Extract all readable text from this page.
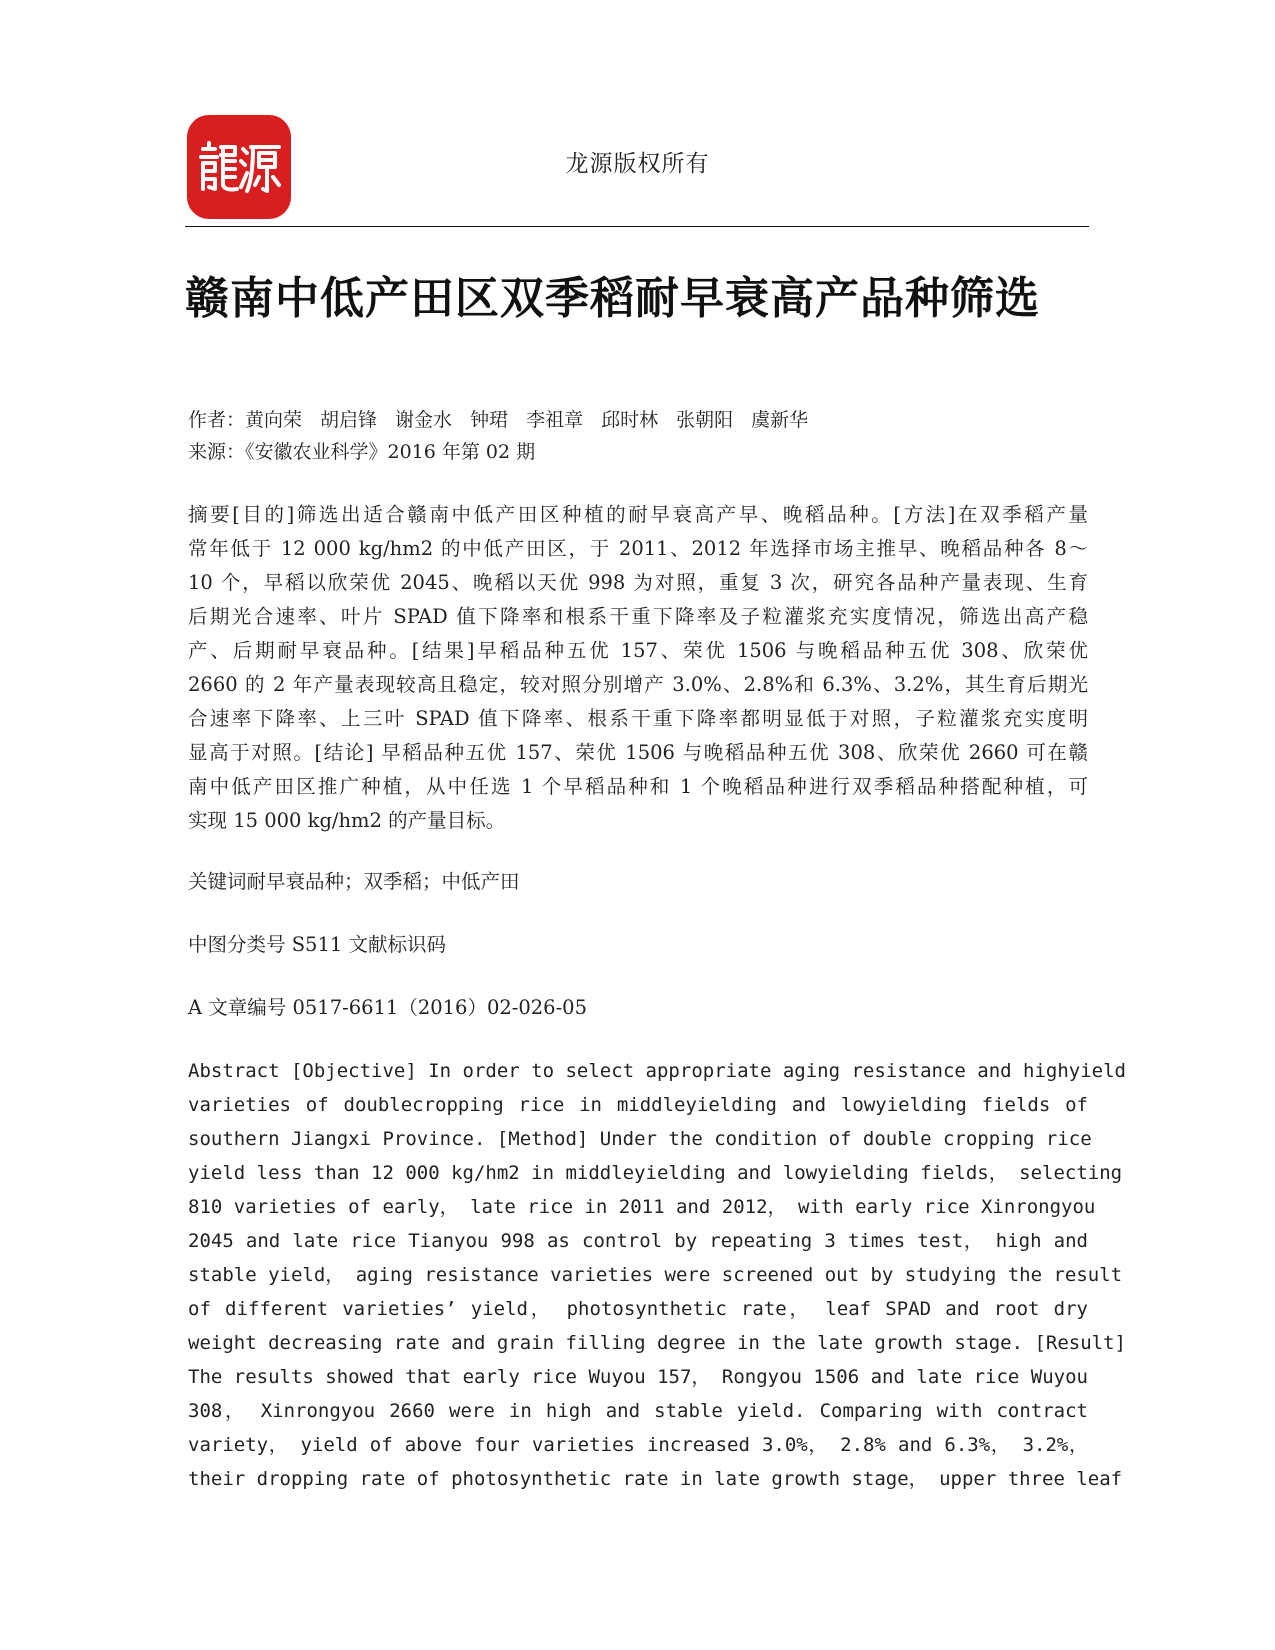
龙源版权所有
赣南中低产田区双季稻耐早衰高产品种筛选
作者：黄向荣 胡启锋 谢金水 钟珺 李祖章 邱时林 张朝阳 虞新华
来源：《安徽农业科学》2016 年第 02 期
摘要[目的]筛选出适合赣南中低产田区种植的耐早衰高产早、晚稻品种。[方法]在双季稻产量
常年低于 12 000 kg/hm2 的中低产田区，于 2011、2012 年选择市场主推早、晚稻品种各 8～
10 个，早稻以欣荣优 2045、晚稻以天优 998 为对照，重复 3 次，研究各品种产量表现、生育
后期光合速率、叶片 SPAD 值下降率和根系干重下降率及子粒灌浆充实度情况，筛选出高产稳
产、后期耐早衰品种。[结果]早稻品种五优 157、荣优 1506 与晚稻品种五优 308、欣荣优
2660 的 2 年产量表现较高且稳定，较对照分别增产 3.0%、2.8%和 6.3%、3.2%，其生育后期光
合速率下降率、上三叶 SPAD 值下降率、根系干重下降率都明显低于对照，子粒灌浆充实度明
显高于对照。[结论] 早稻品种五优 157、荣优 1506 与晚稻品种五优 308、欣荣优 2660 可在赣
南中低产田区推广种植，从中任选 1 个早稻品种和 1 个晚稻品种进行双季稻品种搭配种植，可
实现 15 000 kg/hm2 的产量目标。
关键词耐早衰品种；双季稻；中低产田
中图分类号 S511 文献标识码
A 文章编号 0517-6611（2016）02-026-05
Abstract [Objective] In order to select appropriate aging resistance and highyield
varieties of doublecropping rice in middleyielding and lowyielding fields of
southern Jiangxi Province. [Method] Under the condition of double cropping rice
yield less than 12 000 kg/hm2 in middleyielding and lowyielding fields， selecting
810 varieties of early， late rice in 2011 and 2012， with early rice Xinrongyou
2045 and late rice Tianyou 998 as control by repeating 3 times test， high and
stable yield， aging resistance varieties were screened out by studying the result
of different varieties’ yield， photosynthetic rate， leaf SPAD and root dry
weight decreasing rate and grain filling degree in the late growth stage. [Result]
The results showed that early rice Wuyou 157， Rongyou 1506 and late rice Wuyou
308， Xinrongyou 2660 were in high and stable yield. Comparing with contract
variety， yield of above four varieties increased 3.0%， 2.8% and 6.3%， 3.2%，
their dropping rate of photosynthetic rate in late growth stage， upper three leaf
